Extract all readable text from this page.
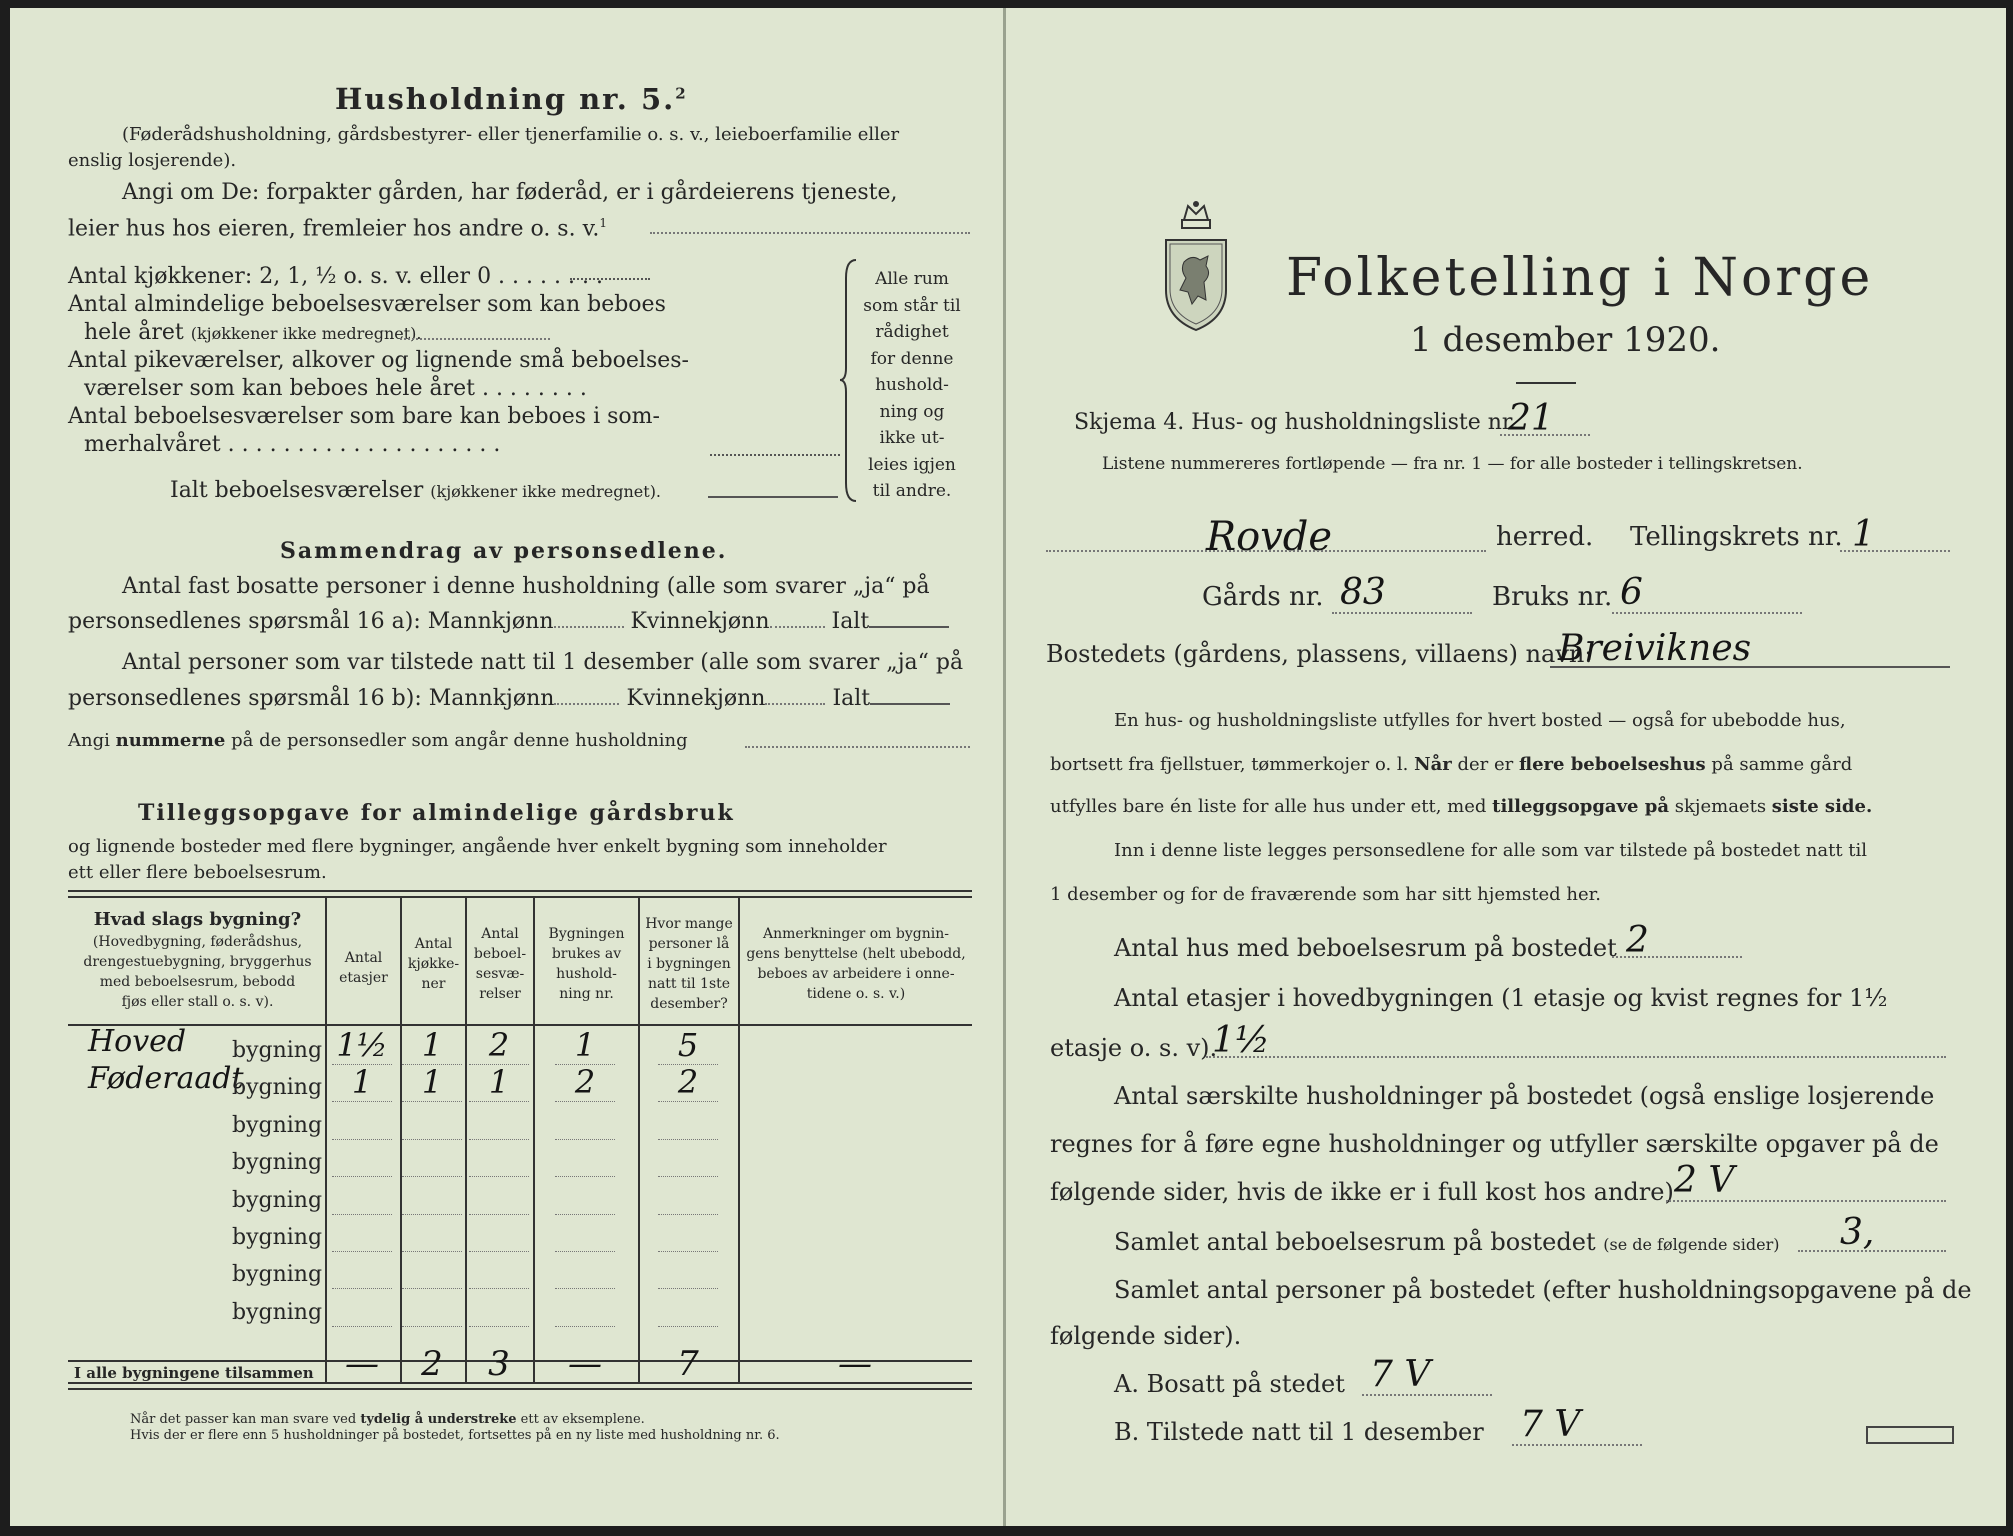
Husholdning nr. 5.$^2$
(Føderådshusholdning, gårdsbestyrer- eller tjenerfamilie o. s. v., leieboerfamilie eller
enslig losjerende).
Angi om De: forpakter gården, har føderåd, er i gårdeierens tjeneste,
leier hus hos eieren, fremleier hos andre o. s. v.$^1$
Antal kjøkkener: 2, 1, ½ o. s. v. eller 0 . . . . . . . .
Antal almindelige beboelsesværelser som kan beboes
hele året (kjøkkener ikke medregnet).
Antal pikeværelser, alkover og lignende små beboelses-
værelser som kan beboes hele året . . . . . . . .
Antal beboelsesværelser som bare kan beboes i som-
merhalvåret . . . . . . . . . . . . . . . . . . . .
Ialt beboelsesværelser (kjøkkener ikke medregnet).
Alle rum
som står til
rådighet
for denne
hushold-
ning og
ikke ut-
leies igjen
til andre.
Sammendrag av personsedlene.
Antal fast bosatte personer i denne husholdning (alle som svarer „ja“ på
personsedlenes spørsmål 16 a): Mannkjønn	Kvinnekjønn	Ialt
Antal personer som var tilstede natt til 1 desember (alle som svarer „ja“ på
personsedlenes spørsmål 16 b): Mannkjønn	Kvinnekjønn	Ialt
Angi nummerne på de personsedler som angår denne husholdning
Tilleggsopgave for almindelige gårdsbruk
og lignende bosteder med flere bygninger, angående hver enkelt bygning som inneholder
ett eller flere beboelsesrum.
Hvad slags bygning?
(Hovedbygning, føderådshus,
drengestuebygning, bryggerhus
med beboelsesrum, bebodd
fjøs eller stall o. s. v).
Antal
etasjer
Antal
kjøkke-
ner
Antal
beboel-
sesvæ-
relser
Bygningen
brukes av
hushold-
ning nr.
Hvor mange
personer lå
i bygningen
natt til 1ste
desember?
Anmerkninger om bygnin-
gens benyttelse (helt ubebodd,
beboes av arbeidere i onne-
tidene o. s. v.)
Hoved bygning 1½	1	2	1	5
Føderaadt
bygning 1	1	1	2	2
bygning
bygning
bygning
bygning
bygning
bygning
I alle bygningene tilsammen —	2	3	—	7	—
Når det passer kan man svare ved tydelig å understreke ett av eksemplene.
Hvis der er flere enn 5 husholdninger på bostedet, fortsettes på en ny liste med husholdning nr. 6.
Folketelling i Norge
1 desember 1920.
Skjema 4. Hus- og husholdningsliste nr.
21
Listene nummereres fortløpende — fra nr. 1 — for alle bosteder i tellingskretsen.
Rovde	herred. Tellingskrets nr. 1
Gårds nr. 83	Bruks nr. 6
Bostedets (gårdens, plassens, villaens) navn:
Breiviknes
En hus- og husholdningsliste utfylles for hvert bosted — også for ubebodde hus,
bortsett fra fjellstuer, tømmerkojer o. l. Når der er flere beboelseshus på samme gård
utfylles bare én liste for alle hus under ett, med tilleggsopgave på skjemaets siste side.
Inn i denne liste legges personsedlene for alle som var tilstede på bostedet natt til
1 desember og for de fraværende som har sitt hjemsted her.
Antal hus med beboelsesrum på bostedet 2
Antal etasjer i hovedbygningen (1 etasje og kvist regnes for 1½
etasje o. s. v).
1½
Antal særskilte husholdninger på bostedet (også enslige losjerende
regnes for å føre egne husholdninger og utfyller særskilte opgaver på de
følgende sider, hvis de ikke er i full kost hos andre) 2 V
Samlet antal beboelsesrum på bostedet (se de følgende sider) 3,
Samlet antal personer på bostedet (efter husholdningsopgavene på de
følgende sider).
A. Bosatt på stedet 7 V
B. Tilstede natt til 1 desember 7 V
